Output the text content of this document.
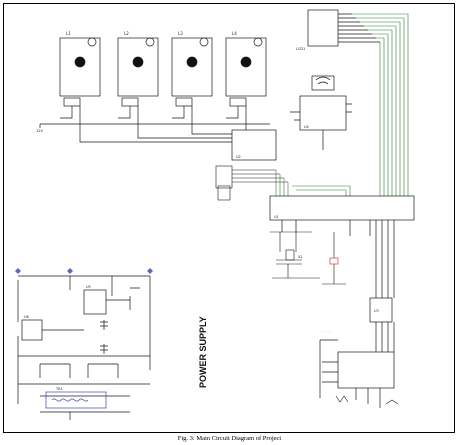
L1	L2	L3	L4
12V
U2
U4
LCD1
U1
X1
U3
· · · · ·
U5
U6
TR1
POWER SUPPLY
Fig. 3: Main Circuit Diagram of Project
